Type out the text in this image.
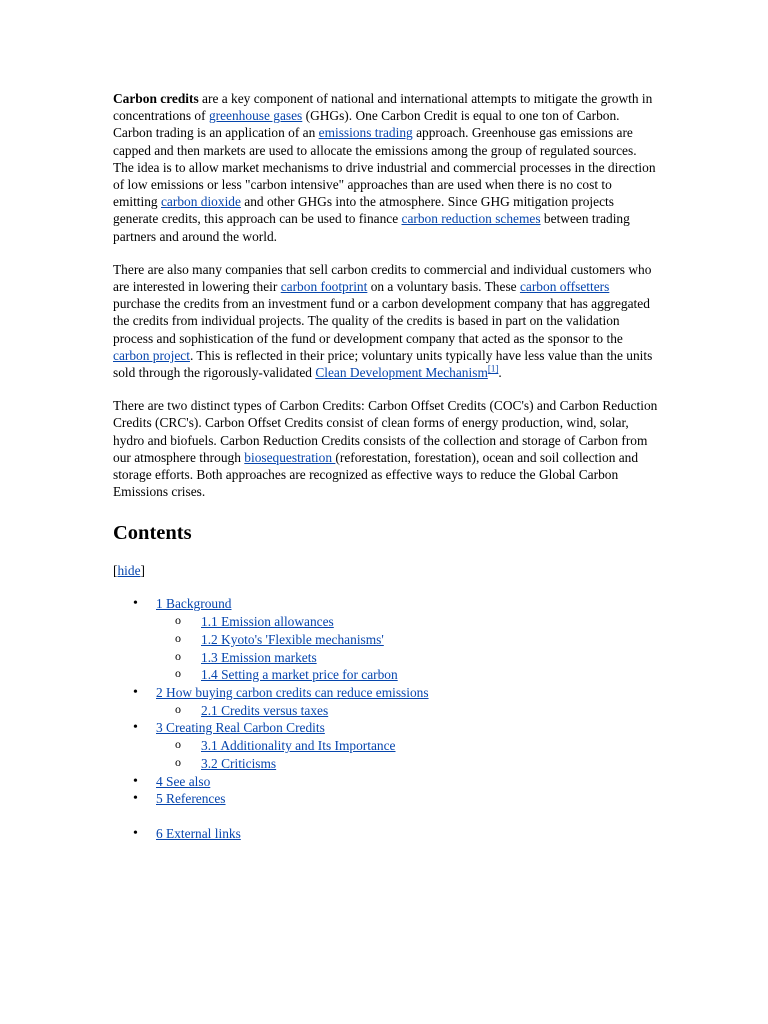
Carbon credits are a key component of national and international attempts to mitigate the growth in concentrations of greenhouse gases (GHGs). One Carbon Credit is equal to one ton of Carbon. Carbon trading is an application of an emissions trading approach. Greenhouse gas emissions are capped and then markets are used to allocate the emissions among the group of regulated sources. The idea is to allow market mechanisms to drive industrial and commercial processes in the direction of low emissions or less "carbon intensive" approaches than are used when there is no cost to emitting carbon dioxide and other GHGs into the atmosphere. Since GHG mitigation projects generate credits, this approach can be used to finance carbon reduction schemes between trading partners and around the world.

There are also many companies that sell carbon credits to commercial and individual customers who are interested in lowering their carbon footprint on a voluntary basis. These carbon offsetters purchase the credits from an investment fund or a carbon development company that has aggregated the credits from individual projects. The quality of the credits is based in part on the validation process and sophistication of the fund or development company that acted as the sponsor to the carbon project. This is reflected in their price; voluntary units typically have less value than the units sold through the rigorously-validated Clean Development Mechanism[1].

There are two distinct types of Carbon Credits: Carbon Offset Credits (COC's) and Carbon Reduction Credits (CRC's). Carbon Offset Credits consist of clean forms of energy production, wind, solar, hydro and biofuels. Carbon Reduction Credits consists of the collection and storage of Carbon from our atmosphere through biosequestration (reforestation, forestation), ocean and soil collection and storage efforts. Both approaches are recognized as effective ways to reduce the Global Carbon Emissions crises.

Contents
[hide]
• 1 Background
o 1.1 Emission allowances
o 1.2 Kyoto's 'Flexible mechanisms'
o 1.3 Emission markets
o 1.4 Setting a market price for carbon
• 2 How buying carbon credits can reduce emissions
o 2.1 Credits versus taxes
• 3 Creating Real Carbon Credits
o 3.1 Additionality and Its Importance
o 3.2 Criticisms
• 4 See also
• 5 References
• 6 External links
